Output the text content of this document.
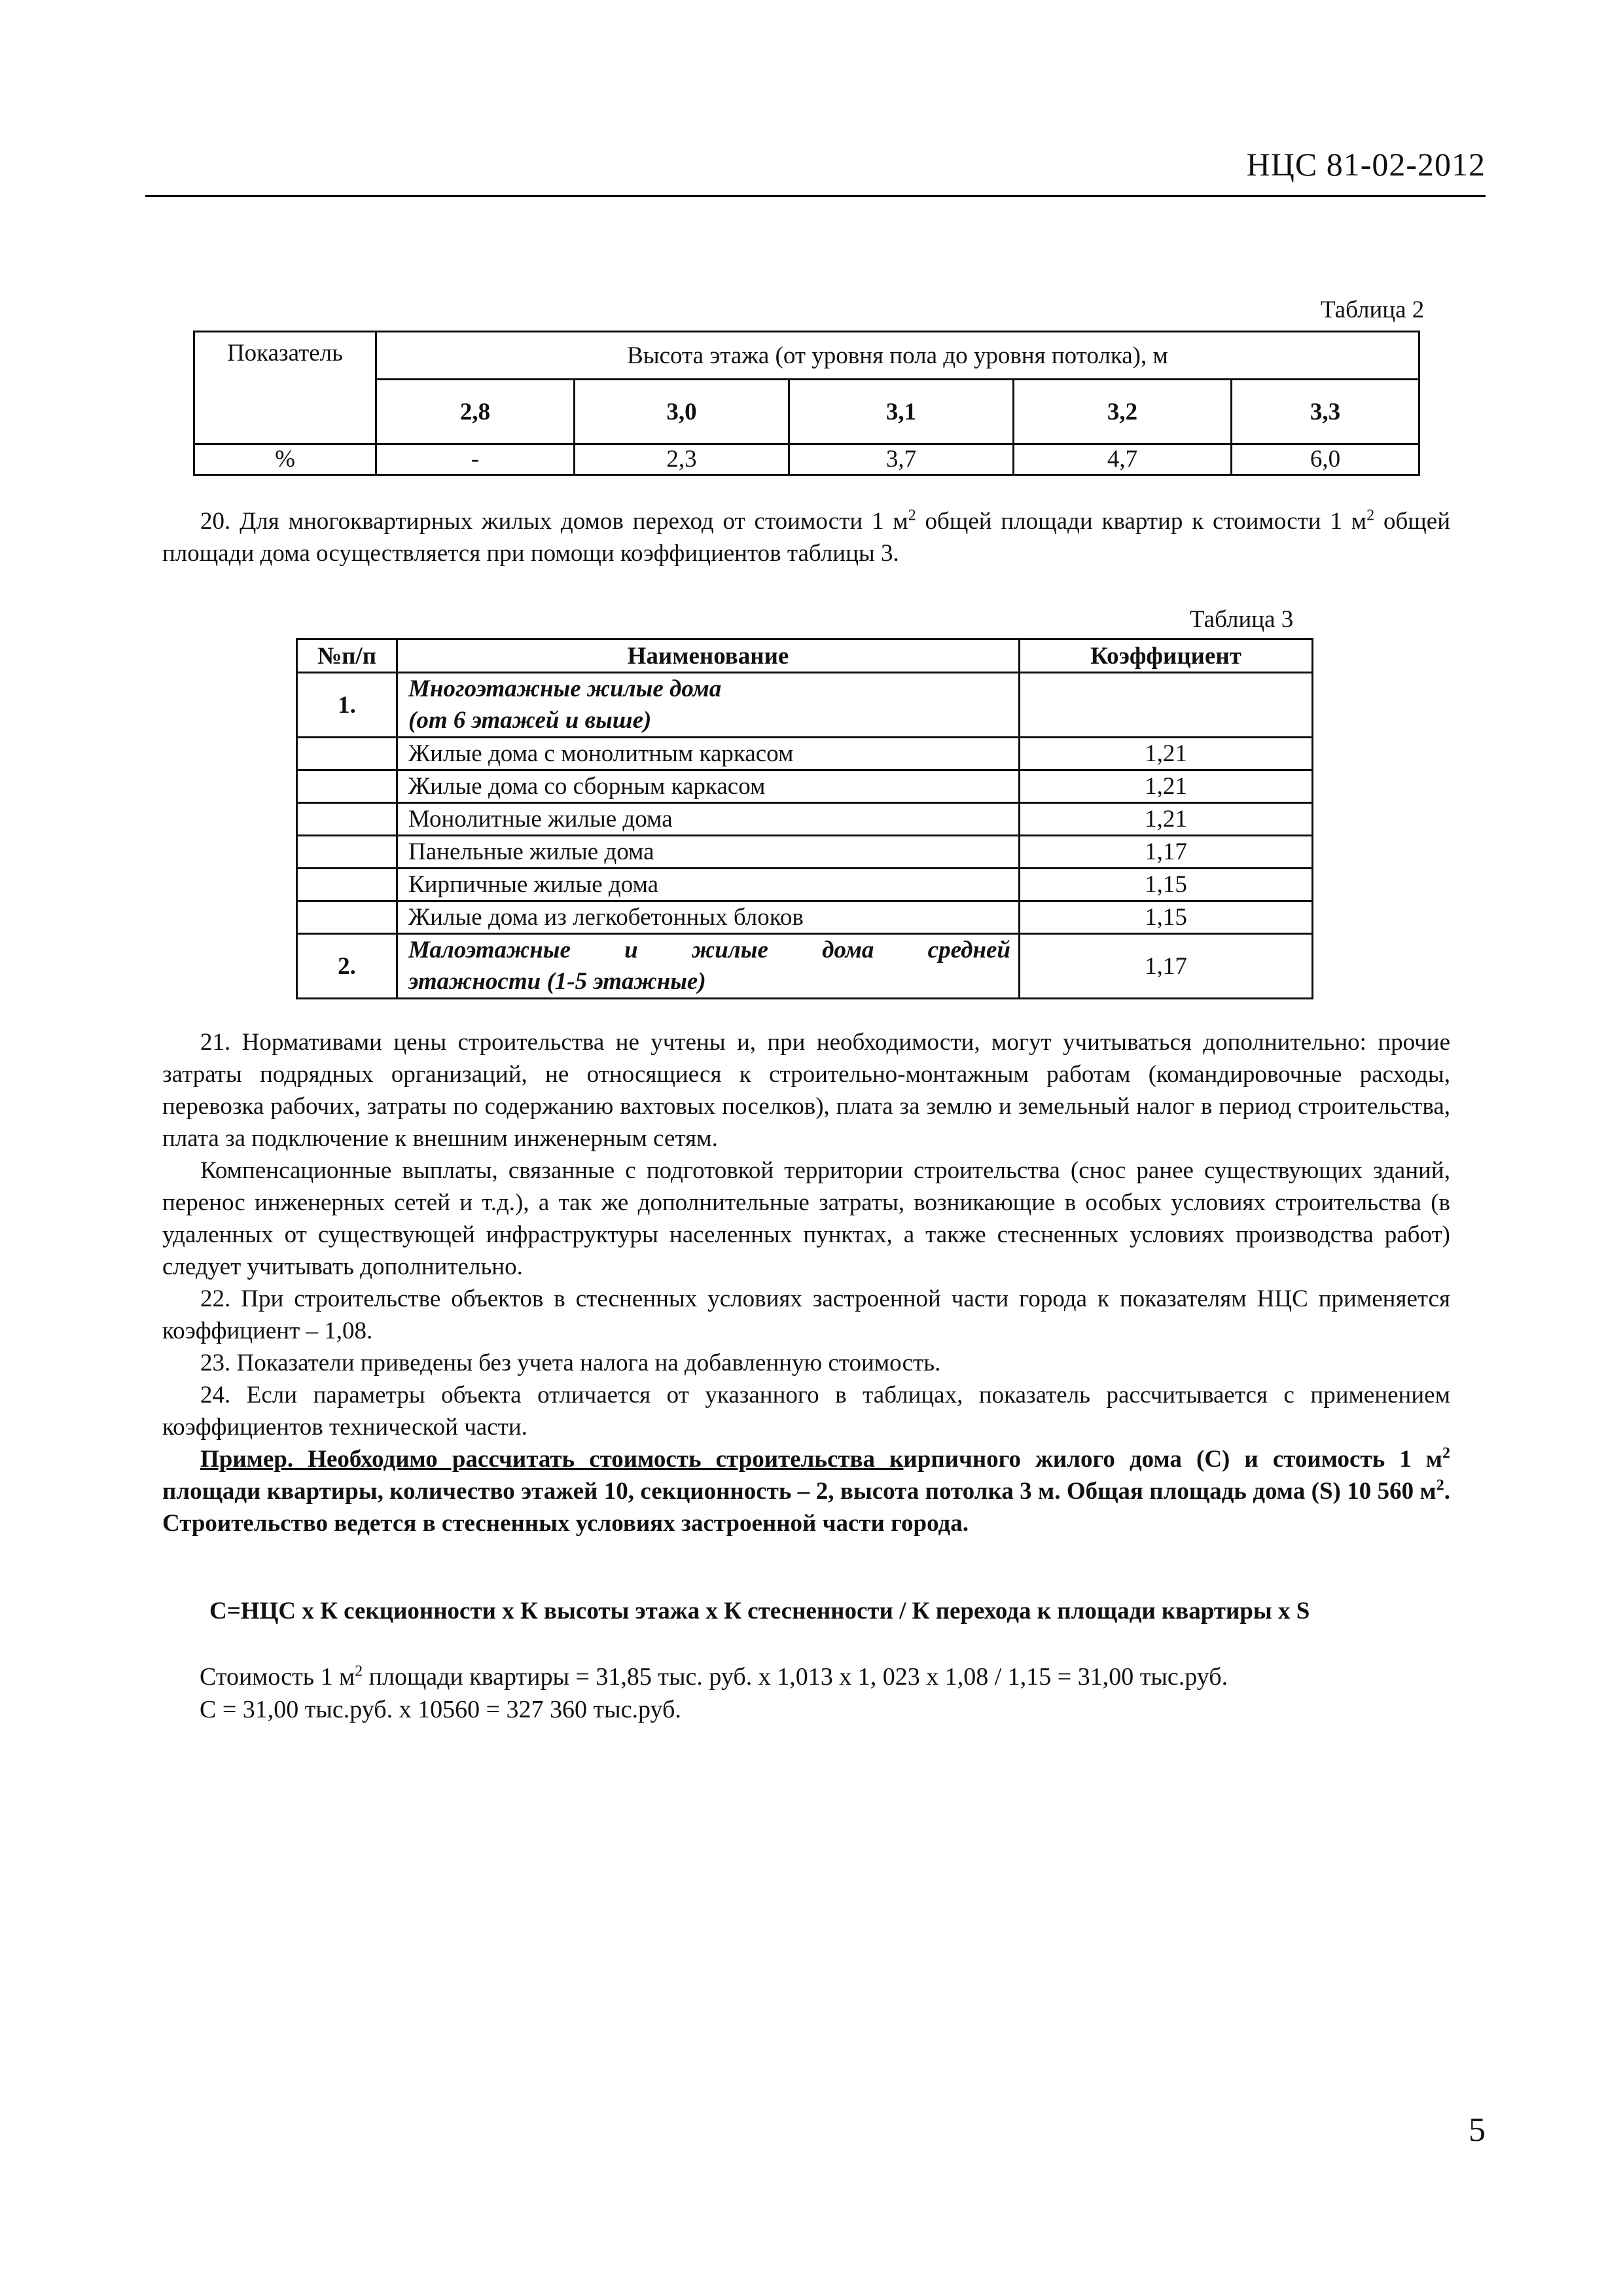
НЦС 81-02-2012
Таблица 2
Показатель	Высота этажа (от уровня пола до уровня потолка), м				
	2,8	3,0	3,1	3,2	3,3
%	-	2,3	3,7	4,7	6,0

20. Для многоквартирных жилых домов переход от стоимости 1 $м^2$ общей площади квартир к стоимости 1 $м^2$ общей площади дома осуществляется при помощи коэффициентов таблицы 3.

Таблица 3
№п/п	Наименование	Коэффициент
1.	Многоэтажные жилые дома
(от 6 этажей и выше)	
	Жилые дома с монолитным каркасом	1,21
	Жилые дома со сборным каркасом	1,21
	Монолитные жилые дома	1,21
	Панельные жилые дома	1,17
	Кирпичные жилые дома	1,15
	Жилые дома из легкобетонных блоков	1,15
2.	Малоэтажные и жилые дома средней
этажности (1-5 этажные)	1,17

21. Нормативами цены строительства не учтены и, при необходимости, могут учитываться дополнительно: прочие затраты подрядных организаций, не относящиеся к строительно-монтажным работам (командировочные расходы, перевозка рабочих, затраты по содержанию вахтовых поселков), плата за землю и земельный налог в период строительства, плата за подключение к внешним инженерным сетям.

Компенсационные выплаты, связанные с подготовкой территории строительства (снос ранее существующих зданий, перенос инженерных сетей и т.д.), а так же дополнительные затраты, возникающие в особых условиях строительства (в удаленных от существующей инфраструктуры населенных пунктах, а также стесненных условиях производства работ) следует учитывать дополнительно.

22. При строительстве объектов в стесненных условиях застроенной части города к показателям НЦС применяется коэффициент – 1,08.

23. Показатели приведены без учета налога на добавленную стоимость.

24. Если параметры объекта отличается от указанного в таблицах, показатель рассчитывается с применением коэффициентов технической части.

Пример. Необходимо рассчитать стоимость строительства кирпичного жилого дома (С) и стоимость 1 $м^2$ площади квартиры, количество этажей 10, секционность – 2, высота потолка 3 м. Общая площадь дома (S) 10 560 $м^2$. Строительство ведется в стесненных условиях застроенной части города.

С=НЦС х К секционности х К высоты этажа х К стесненности / К перехода к площади квартиры х S
Стоимость 1 $м^2$ площади квартиры = 31,85 тыс. руб. х 1,013 х 1, 023 х 1,08 / 1,15 = 31,00 тыс.руб.
С = 31,00 тыс.руб. х 10560 = 327 360 тыс.руб.
5
